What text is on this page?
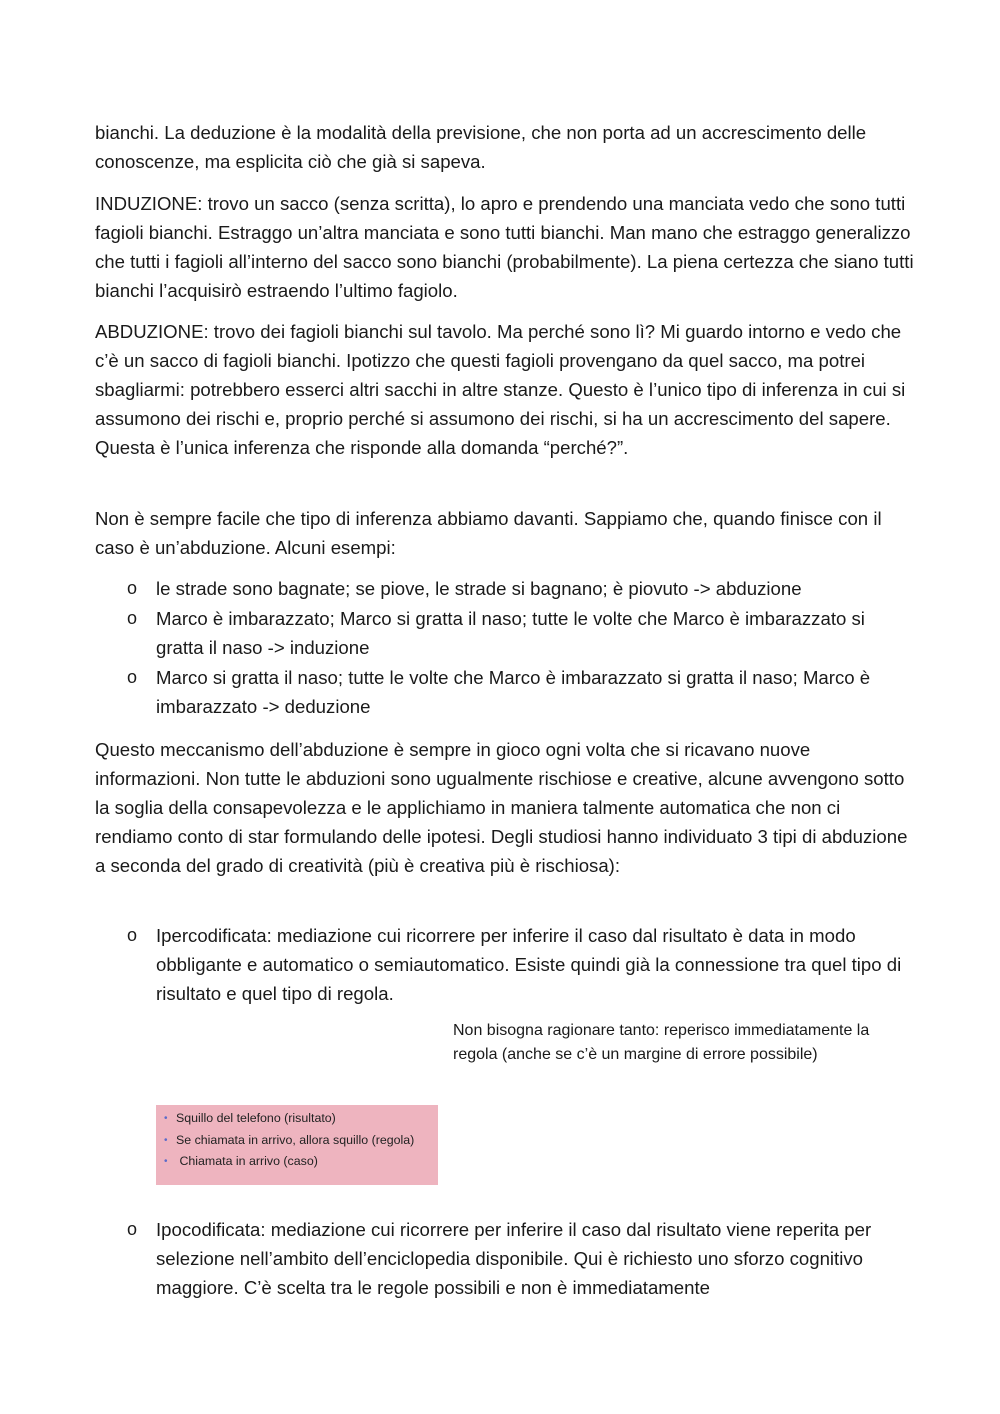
bianchi. La deduzione è la modalità della previsione, che non porta ad un accrescimento delle conoscenze, ma esplicita ciò che già si sapeva.

INDUZIONE: trovo un sacco (senza scritta), lo apro e prendendo una manciata vedo che sono tutti fagioli bianchi. Estraggo un’altra manciata e sono tutti bianchi. Man mano che estraggo generalizzo che tutti i fagioli all’interno del sacco sono bianchi (probabilmente). La piena certezza che siano tutti bianchi l’acquisirò estraendo l’ultimo fagiolo.

ABDUZIONE: trovo dei fagioli bianchi sul tavolo. Ma perché sono lì? Mi guardo intorno e vedo che c’è un sacco di fagioli bianchi. Ipotizzo che questi fagioli provengano da quel sacco, ma potrei sbagliarmi: potrebbero esserci altri sacchi in altre stanze. Questo è l’unico tipo di inferenza in cui si assumono dei rischi e, proprio perché si assumono dei rischi, si ha un accrescimento del sapere. Questa è l’unica inferenza che risponde alla domanda “perché?”.

Non è sempre facile che tipo di inferenza abbiamo davanti. Sappiamo che, quando finisce con il caso è un’abduzione. Alcuni esempi:

o le strade sono bagnate; se piove, le strade si bagnano; è piovuto -> abduzione

o Marco è imbarazzato; Marco si gratta il naso; tutte le volte che Marco è imbarazzato si gratta il naso -> induzione

o Marco si gratta il naso; tutte le volte che Marco è imbarazzato si gratta il naso; Marco è imbarazzato -> deduzione

Questo meccanismo dell’abduzione è sempre in gioco ogni volta che si ricavano nuove informazioni. Non tutte le abduzioni sono ugualmente rischiose e creative, alcune avvengono sotto la soglia della consapevolezza e le applichiamo in maniera talmente automatica che non ci rendiamo conto di star formulando delle ipotesi. Degli studiosi hanno individuato 3 tipi di abduzione a seconda del grado di creatività (più è creativa più è rischiosa):

o Ipercodificata: mediazione cui ricorrere per inferire il caso dal risultato è data in modo obbligante e automatico o semiautomatico. Esiste quindi già la connessione tra quel tipo di risultato e quel tipo di regola.

Non bisogna ragionare tanto: reperisco immediatamente la regola (anche se c’è un margine di errore possibile)

• Squillo del telefono (risultato)
• Se chiamata in arrivo, allora squillo (regola)
• Chiamata in arrivo (caso)
o Ipocodificata: mediazione cui ricorrere per inferire il caso dal risultato viene reperita per selezione nell’ambito dell’enciclopedia disponibile. Qui è richiesto uno sforzo cognitivo maggiore. C’è scelta tra le regole possibili e non è immediatamente
